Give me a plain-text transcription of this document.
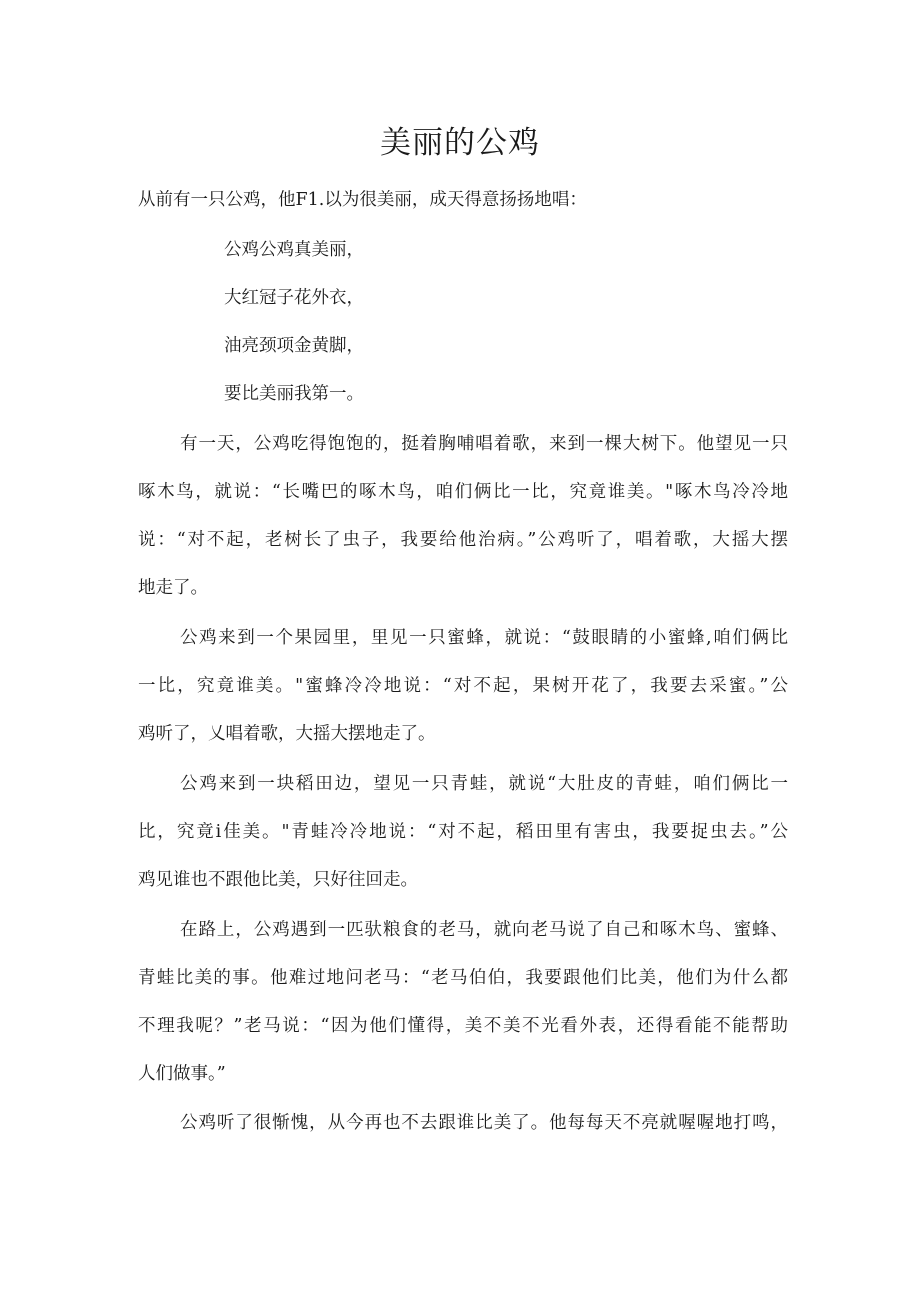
美丽的公鸡

从前有一只公鸡，他F1.以为很美丽，成天得意扬扬地唱：

公鸡公鸡真美丽，
大红冠子花外衣，
油亮颈项金黄脚，
要比美丽我第一。
有一天，公鸡吃得饱饱的，挺着胸哺唱着歌，来到一棵大树下。他望见一只
啄木鸟，就说：“长嘴巴的啄木鸟，咱们俩比一比，究竟谁美。"啄木鸟冷冷地
说：“对不起，老树长了虫子，我要给他治病。”公鸡听了，唱着歌，大摇大摆
地走了。
公鸡来到一个果园里，里见一只蜜蜂，就说：“鼓眼睛的小蜜蜂,咱们俩比
一比，究竟谁美。"蜜蜂冷冷地说：“对不起，果树开花了，我要去采蜜。”公
鸡听了，乂唱着歌，大摇大摆地走了。
公鸡来到一块稻田边，望见一只青蛙，就说“大肚皮的青蛙，咱们俩比一
比，究竟i佳美。"青蛙冷冷地说：“对不起，稻田里有害虫，我要捉虫去。”公
鸡见谁也不跟他比美，只好往回走。
在路上，公鸡遇到一匹驮粮食的老马，就向老马说了自己和啄木鸟、蜜蜂、
青蛙比美的事。他难过地问老马：“老马伯伯，我要跟他们比美，他们为什么都
不理我呢？”老马说：“因为他们懂得，美不美不光看外表，还得看能不能帮助
人们做事。”
公鸡听了很惭愧，从今再也不去跟谁比美了。他每每天不亮就喔喔地打鸣，
